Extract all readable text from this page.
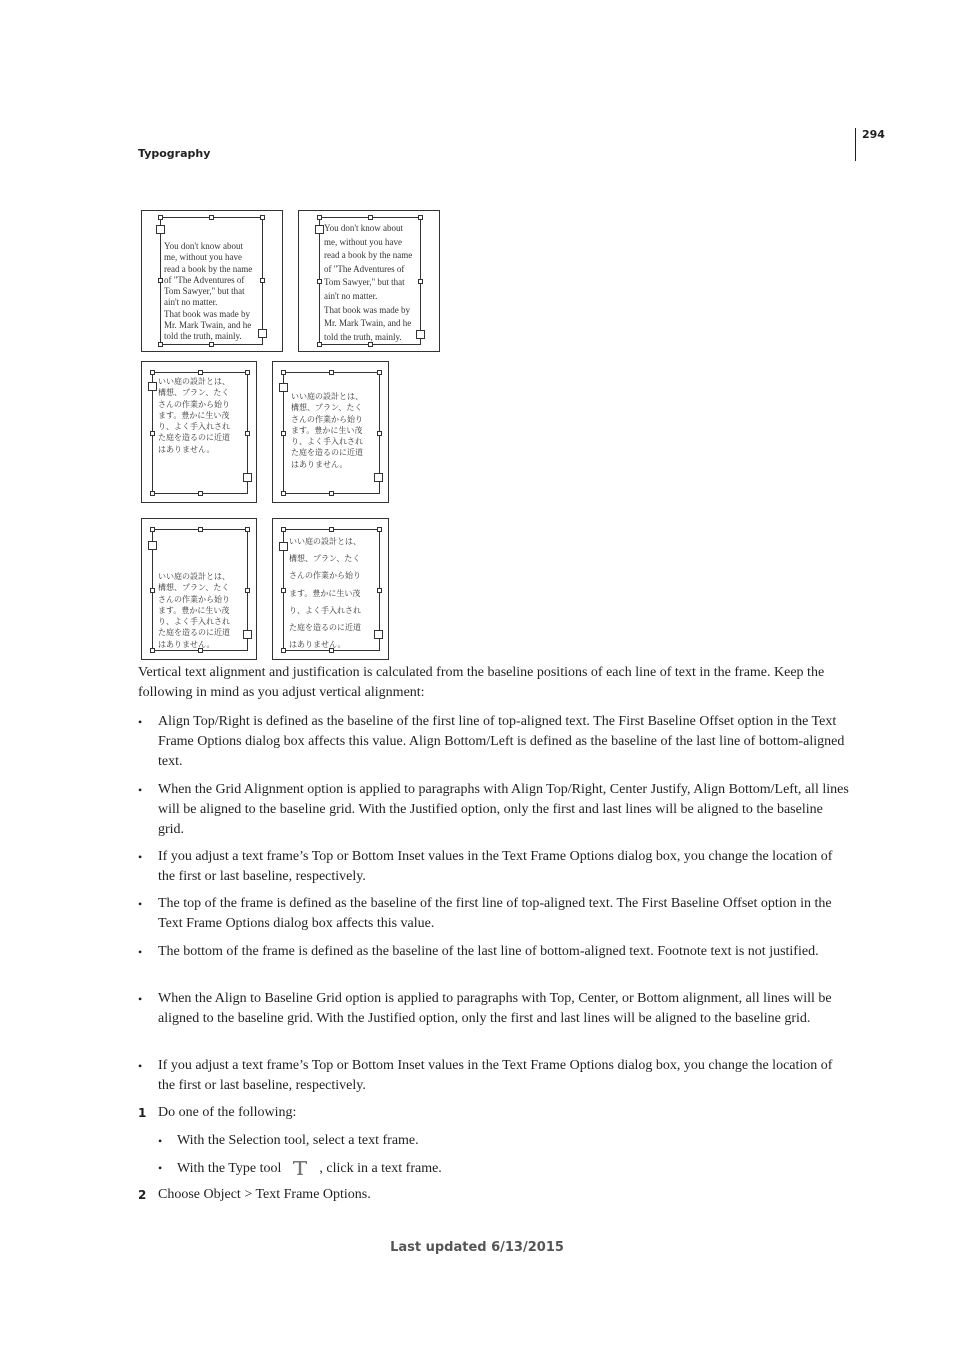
294
Typography
You don't know about
me, without you have
read a book by the name
of "The Adventures of
Tom Sawyer," but that
ain't no matter.
That book was made by
Mr. Mark Twain, and he
told the truth, mainly.
You don't know about
me, without you have
read a book by the name
of "The Adventures of
Tom Sawyer," but that
ain't no matter.
That book was made by
Mr. Mark Twain, and he
told the truth, mainly.
いい庭の設計とは、
構想、プラン、たく
さんの作業から始り
ます。豊かに生い茂
り、よく手入れされ
た庭を造るのに近道
はありません。
いい庭の設計とは、
構想、プラン、たく
さんの作業から始り
ます。豊かに生い茂
り、よく手入れされ
た庭を造るのに近道
はありません。
いい庭の設計とは、
構想、プラン、たく
さんの作業から始り
ます。豊かに生い茂
り、よく手入れされ
た庭を造るのに近道
はありません。
いい庭の設計とは、
構想、プラン、たく
さんの作業から始り
ます。豊かに生い茂
り、よく手入れされ
た庭を造るのに近道
はありません。
Vertical text alignment and justification is calculated from the baseline positions of each line of text in the frame. Keep the following in mind as you adjust vertical alignment:
• Align Top/Right is defined as the baseline of the first line of top-aligned text. The First Baseline Offset option in the Text Frame Options dialog box affects this value. Align Bottom/Left is defined as the baseline of the last line of bottom-aligned text.
• When the Grid Alignment option is applied to paragraphs with Align Top/Right, Center Justify, Align Bottom/Left, all lines will be aligned to the baseline grid. With the Justified option, only the first and last lines will be aligned to the baseline grid.
• If you adjust a text frame’s Top or Bottom Inset values in the Text Frame Options dialog box, you change the location of the first or last baseline, respectively.
• The top of the frame is defined as the baseline of the first line of top-aligned text. The First Baseline Offset option in the Text Frame Options dialog box affects this value.
• The bottom of the frame is defined as the baseline of the last line of bottom-aligned text. Footnote text is not justified.
• When the Align to Baseline Grid option is applied to paragraphs with Top, Center, or Bottom alignment, all lines will be aligned to the baseline grid. With the Justified option, only the first and last lines will be aligned to the baseline grid.
• If you adjust a text frame’s Top or Bottom Inset values in the Text Frame Options dialog box, you change the location of the first or last baseline, respectively.
1 Do one of the following:
• With the Selection tool, select a text frame.
• With the Type tool	, click in a text frame.
2 Choose Object > Text Frame Options.
Last updated 6/13/2015
